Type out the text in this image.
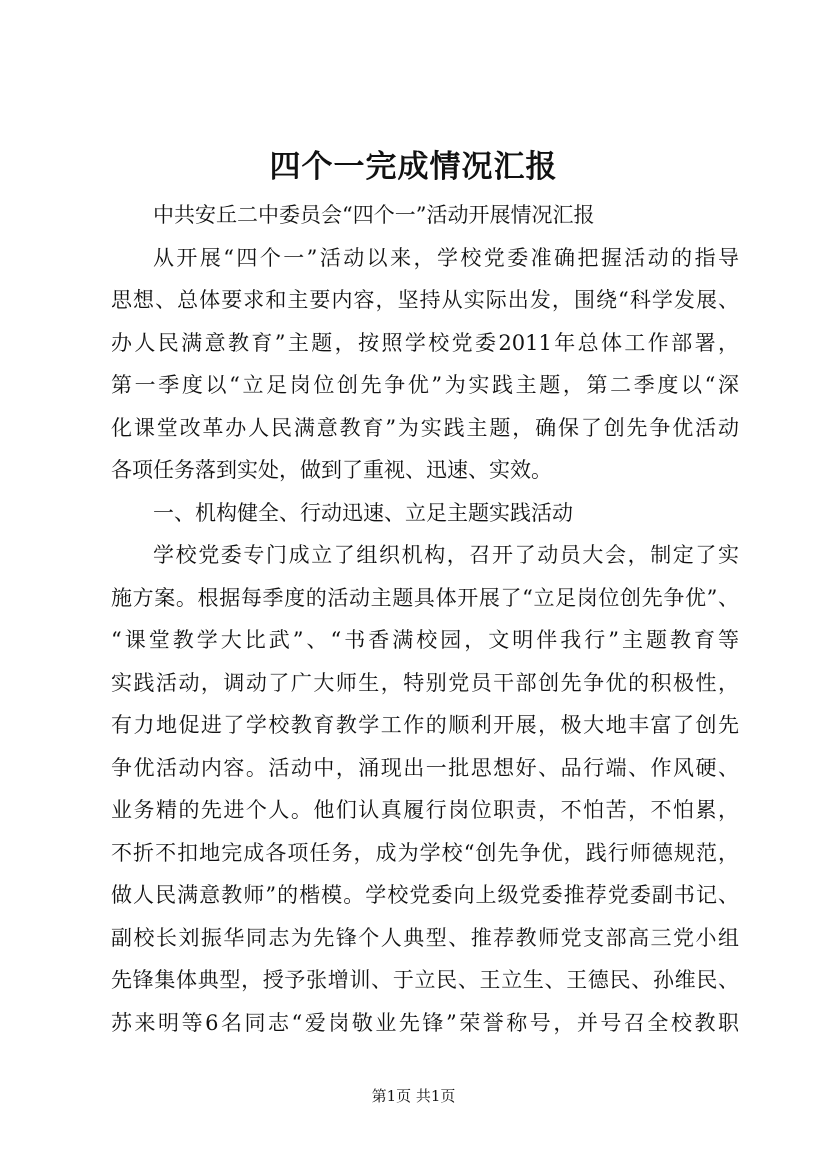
四个一完成情况汇报
中共安丘二中委员会“四个一”活动开展情况汇报
从开展“四个一”活动以来，学校党委准确把握活动的指导
思想、总体要求和主要内容，坚持从实际出发，围绕“科学发展、
办人民满意教育”主题，按照学校党委2011年总体工作部署，
第一季度以“立足岗位创先争优”为实践主题，第二季度以“深
化课堂改革办人民满意教育”为实践主题，确保了创先争优活动
各项任务落到实处，做到了重视、迅速、实效。
一、机构健全、行动迅速、立足主题实践活动
学校党委专门成立了组织机构，召开了动员大会，制定了实
施方案。根据每季度的活动主题具体开展了“立足岗位创先争优”、
“课堂教学大比武”、“书香满校园，文明伴我行”主题教育等
实践活动，调动了广大师生，特别党员干部创先争优的积极性，
有力地促进了学校教育教学工作的顺利开展，极大地丰富了创先
争优活动内容。活动中，涌现出一批思想好、品行端、作风硬、
业务精的先进个人。他们认真履行岗位职责，不怕苦，不怕累，
不折不扣地完成各项任务，成为学校“创先争优，践行师德规范，
做人民满意教师”的楷模。学校党委向上级党委推荐党委副书记、
副校长刘振华同志为先锋个人典型、推荐教师党支部高三党小组
先锋集体典型，授予张增训、于立民、王立生、王德民、孙维民、
苏来明等6名同志“爱岗敬业先锋”荣誉称号，并号召全校教职
第1页 共1页
